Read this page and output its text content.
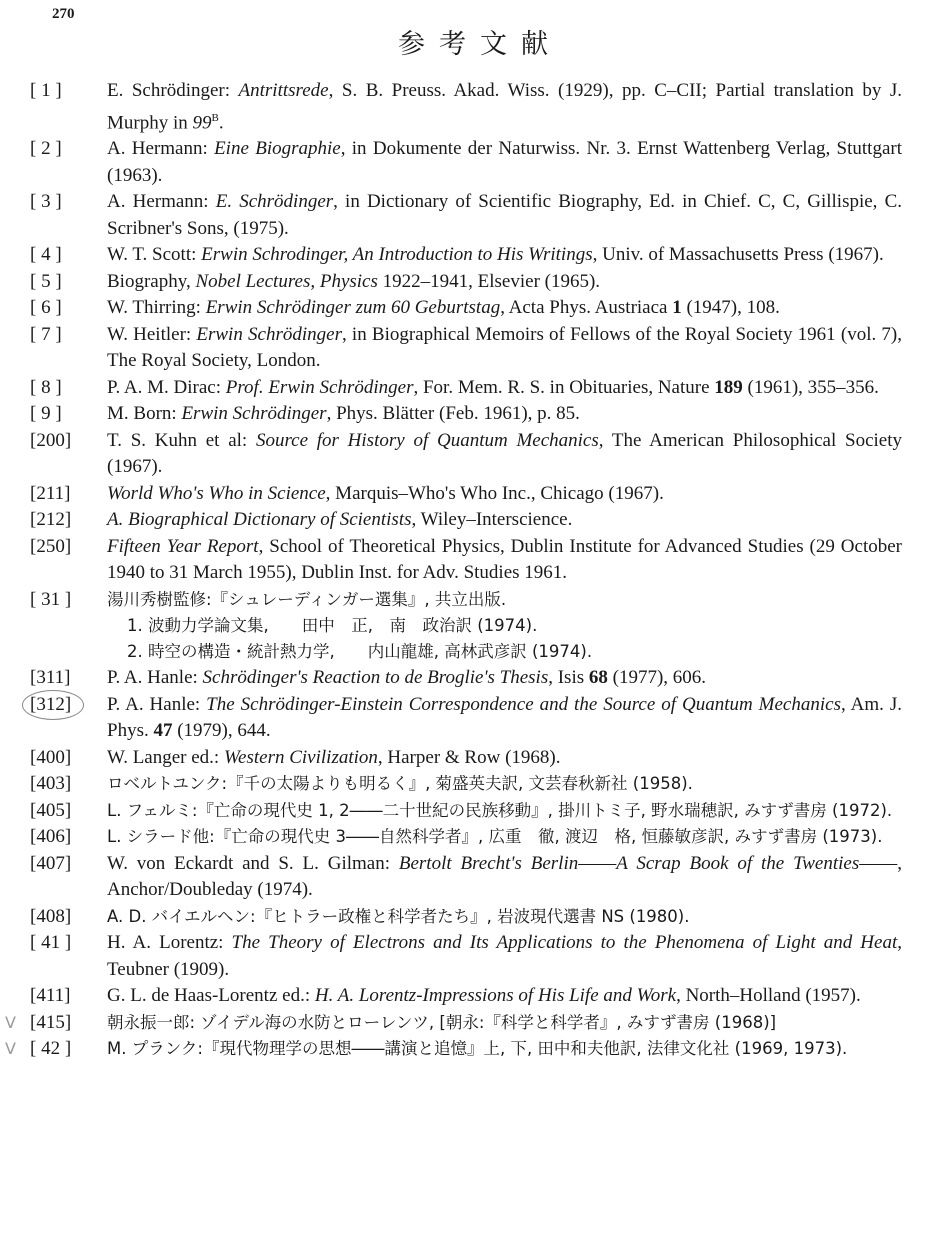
270
参考文献
[ 1 ]	E. Schrödinger: Antrittsrede, S. B. Preuss. Akad. Wiss. (1929), pp. C–CII; Partial translation by J. Murphy in $99^B$.
[ 2 ]	A. Hermann: Eine Biographie, in Dokumente der Naturwiss. Nr. 3. Ernst Wattenberg Verlag, Stuttgart (1963).
[ 3 ]	A. Hermann: E. Schrödinger, in Dictionary of Scientific Biography, Ed. in Chief. C, C, Gillispie, C. Scribner's Sons, (1975).
[ 4 ]	W. T. Scott: Erwin Schrodinger, An Introduction to His Writings, Univ. of Massachusetts Press (1967).
[ 5 ]	Biography, Nobel Lectures, Physics 1922–1941, Elsevier (1965).
[ 6 ]	W. Thirring: Erwin Schrödinger zum 60 Geburtstag, Acta Phys. Austriaca 1 (1947), 108.
[ 7 ]	W. Heitler: Erwin Schrödinger, in Biographical Memoirs of Fellows of the Royal Society 1961 (vol. 7), The Royal Society, London.
[ 8 ]	P. A. M. Dirac: Prof. Erwin Schrödinger, For. Mem. R. S. in Obituaries, Nature 189 (1961), 355–356.
[ 9 ]	M. Born: Erwin Schrödinger, Phys. Blätter (Feb. 1961), p. 85.
[200]	T. S. Kuhn et al: Source for History of Quantum Mechanics, The American Philosophical Society (1967).
[211]	World Who's Who in Science, Marquis–Who's Who Inc., Chicago (1967).
[212]	A. Biographical Dictionary of Scientists, Wiley–Interscience.
[250]	Fifteen Year Report, School of Theoretical Physics, Dublin Institute for Advanced Studies (29 October 1940 to 31 March 1955), Dublin Inst. for Adv. Studies 1961.
[ 31 ]	湯川秀樹監修:『シュレーディンガー選集』, 共立出版.
1. 波動力学論文集,　　田中　正,　南　政治訳 (1974).
2. 時空の構造・統計熱力学,　　内山龍雄, 高林武彦訳 (1974).
[311]	P. A. Hanle: Schrödinger's Reaction to de Broglie's Thesis, Isis 68 (1977), 606.
[312]	P. A. Hanle: The Schrödinger-Einstein Correspondence and the Source of Quantum Mechanics, Am. J. Phys. 47 (1979), 644.
[400]	W. Langer ed.: Western Civilization, Harper & Row (1968).
[403]	ロベルトユンク:『千の太陽よりも明るく』, 菊盛英夫訳, 文芸春秋新社 (1958).
[405]	L. フェルミ:『亡命の現代史 1, 2――二十世紀の民族移動』, 掛川トミ子, 野水瑞穂訳, みすず書房 (1972).
[406]	L. シラード他:『亡命の現代史 3――自然科学者』, 広重　徹, 渡辺　格, 恒藤敏彦訳, みすず書房 (1973).
[407]	W. von Eckardt and S. L. Gilman: Bertolt Brecht's Berlin――A Scrap Book of the Twenties――, Anchor/Doubleday (1974).
[408]	A. D. バイエルヘン:『ヒトラー政権と科学者たち』, 岩波現代選書 NS (1980).
[ 41 ]	H. A. Lorentz: The Theory of Electrons and Its Applications to the Phenomena of Light and Heat, Teubner (1909).
[411]	G. L. de Haas-Lorentz ed.: H. A. Lorentz-Impressions of His Life and Work, North–Holland (1957).
V [415]	朝永振一郎: ゾイデル海の水防とローレンツ, [朝永:『科学と科学者』, みすず書房 (1968)]
V [ 42 ]	M. プランク:『現代物理学の思想――講演と追憶』上, 下, 田中和夫他訳, 法律文化社 (1969, 1973).
